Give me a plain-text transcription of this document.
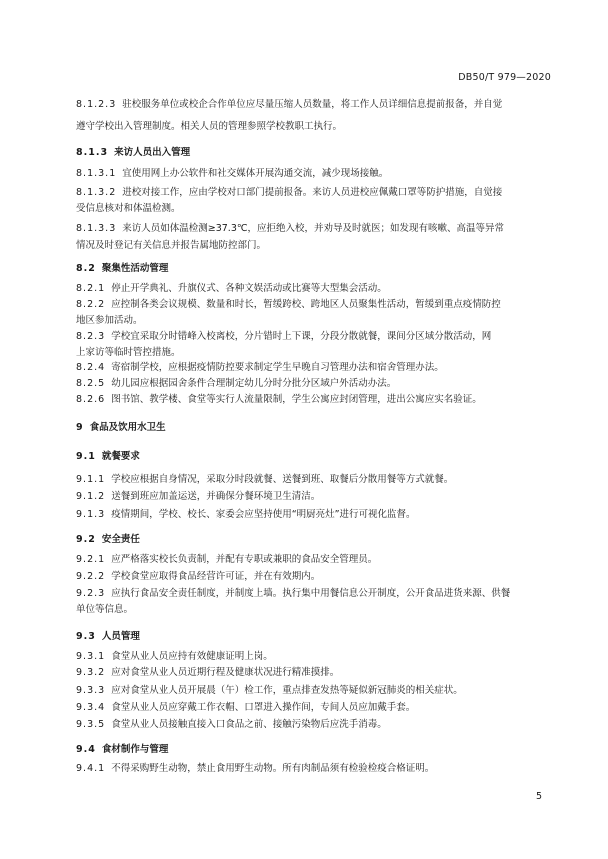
DB50/T 979—2020
8.1.2.3 驻校服务单位或校企合作单位应尽量压缩人员数量，将工作人员详细信息提前报备，并自觉
遵守学校出入管理制度。相关人员的管理参照学校教职工执行。
8.1.3 来访人员出入管理
8.1.3.1 宜使用网上办公软件和社交媒体开展沟通交流，减少现场接触。
8.1.3.2 进校对接工作，应由学校对口部门提前报备。来访人员进校应佩戴口罩等防护措施，自觉接
受信息核对和体温检测。
8.1.3.3 来访人员如体温检测≥37.3℃，应拒绝入校，并劝导及时就医；如发现有咳嗽、高温等异常
情况及时登记有关信息并报告属地防控部门。
8.2 聚集性活动管理
8.2.1 停止开学典礼、升旗仪式、各种文娱活动或比赛等大型集会活动。
8.2.2 应控制各类会议规模、数量和时长，暂缓跨校、跨地区人员聚集性活动，暂缓到重点疫情防控
地区参加活动。
8.2.3 学校宜采取分时错峰入校离校，分片错时上下课，分段分散就餐，课间分区域分散活动，网
上家访等临时管控措施。
8.2.4 寄宿制学校，应根据疫情防控要求制定学生早晚自习管理办法和宿舍管理办法。
8.2.5 幼儿园应根据园舍条件合理制定幼儿分时分批分区域户外活动办法。
8.2.6 图书馆、教学楼、食堂等实行人流量限制，学生公寓应封闭管理，进出公寓应实名验证。
9 食品及饮用水卫生
9.1 就餐要求
9.1.1 学校应根据自身情况，采取分时段就餐、送餐到班、取餐后分散用餐等方式就餐。
9.1.2 送餐到班应加盖运送，并确保分餐环境卫生清洁。
9.1.3 疫情期间，学校、校长、家委会应坚持使用“明厨亮灶”进行可视化监督。
9.2 安全责任
9.2.1 应严格落实校长负责制，并配有专职或兼职的食品安全管理员。
9.2.2 学校食堂应取得食品经营许可证，并在有效期内。
9.2.3 应执行食品安全责任制度，并制度上墙。执行集中用餐信息公开制度，公开食品进货来源、供餐
单位等信息。
9.3 人员管理
9.3.1 食堂从业人员应持有效健康证明上岗。
9.3.2 应对食堂从业人员近期行程及健康状况进行精准摸排。
9.3.3 应对食堂从业人员开展晨（午）检工作，重点排查发热等疑似新冠肺炎的相关症状。
9.3.4 食堂从业人员应穿戴工作衣帽、口罩进入操作间，专间人员应加戴手套。
9.3.5 食堂从业人员接触直接入口食品之前、接触污染物后应洗手消毒。
9.4 食材制作与管理
9.4.1 不得采购野生动物，禁止食用野生动物。所有肉制品须有检验检疫合格证明。
5
